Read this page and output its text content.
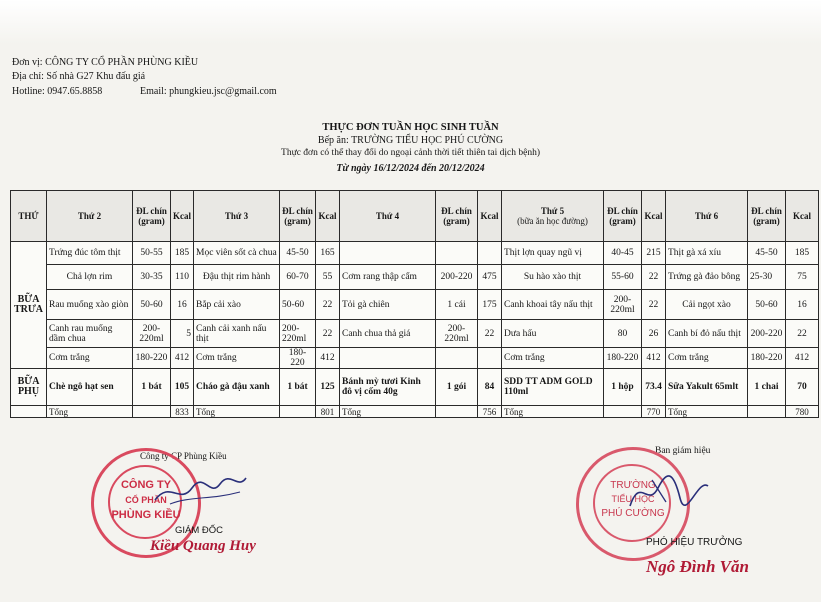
Đơn vị: CÔNG TY CỔ PHẦN PHÙNG KIỀU
Địa chỉ: Số nhà G27 Khu đấu giá
Hotline: 0947.65.8858	Email: phungkieu.jsc@gmail.com
THỰC ĐƠN TUẦN HỌC SINH TUẦN
Bếp ăn: TRƯỜNG TIỂU HỌC PHÚ CƯỜNG
Thực đơn có thể thay đổi do ngoại cảnh thời tiết thiên tai dịch bệnh)
Từ ngày 16/12/2024 đến 20/12/2024
THỨ	Thứ 2	ĐL chín (gram)	Kcal	Thứ 3	ĐL chín (gram)	Kcal	Thứ 4	ĐL chín (gram)	Kcal	Thứ 5
(bữa ăn học đường)	ĐL chín (gram)	Kcal	Thứ 6	ĐL chín (gram)	Kcal
BỮA TRƯA	Trứng đúc tôm thịt	50-55	185	Mọc viên sốt cà chua	45-50	165				Thịt lợn quay ngũ vị	40-45	215	Thịt gà xá xíu	45-50	185
	Chả lợn rim	30-35	110	Đậu thịt rim hành	60-70	55	Cơm rang thập cẩm	200-220	475	Su hào xào thịt	55-60	22	Trứng gà đảo bông	25-30	75
	Rau muống xào giòn	50-60	16	Bắp cải xào	50-60	22	Tỏi gà chiên	1 cái	175	Canh khoai tây nấu thịt	200-220ml	22	Cải ngọt xào	50-60	16
	Canh rau muống dầm chua	200-220ml	5	Canh cải xanh nấu thịt	200-220ml	22	Canh chua thả giá	200-220ml	22	Dưa hấu	80	26	Canh bí đỏ nấu thịt	200-220	22
	Cơm trắng	180-220	412	Cơm trắng	180-220	412				Cơm trắng	180-220	412	Cơm trắng	180-220	412
BỮA PHỤ	Chè ngô hạt sen	1 bát	105	Cháo gà đậu xanh	1 bát	125	Bánh mỳ tươi Kinh đô vị cốm 40g	1 gói	84	SDD TT ADM GOLD 110ml	1 hộp	73.4	Sữa Yakult 65mlt	1 chai	70
	Tổng		833	Tổng		801	Tổng		756	Tổng		770	Tổng		780
Công ty CP Phùng Kiều
CÔNG TY
CỔ PHẦN
PHÙNG KIỀU
GIÁM ĐỐC
Kiều Quang Huy
Ban giám hiệu
TRƯỜNG
TIỂU HỌC
PHÚ CƯỜNG
PHÓ HIỆU TRƯỞNG
Ngô Đình Văn
